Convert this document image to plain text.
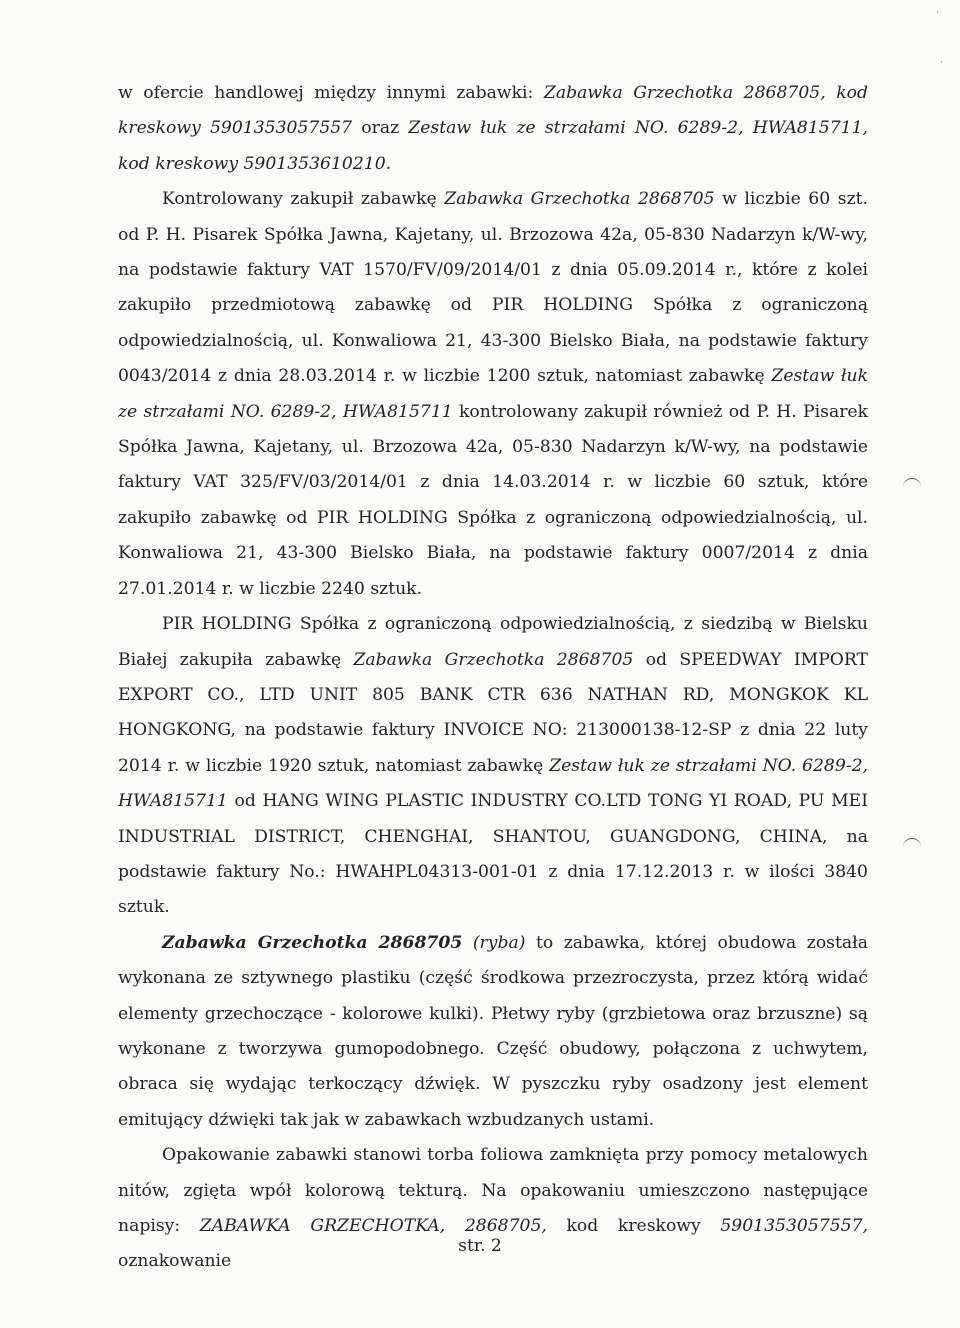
·
·

w ofercie handlowej między innymi zabawki: Zabawka Grzechotka 2868705, kod kreskowy 5901353057557 oraz Zestaw łuk ze strzałami NO. 6289-2, HWA815711, kod kreskowy 5901353610210.

Kontrolowany zakupił zabawkę Zabawka Grzechotka 2868705 w liczbie 60 szt. od P. H. Pisarek Spółka Jawna, Kajetany, ul. Brzozowa 42a, 05-830 Nadarzyn k/W-wy, na podstawie faktury VAT 1570/FV/09/2014/01 z dnia 05.09.2014 r., które z kolei zakupiło przedmiotową zabawkę od PIR HOLDING Spółka z ograniczoną odpowiedzialnością, ul. Konwaliowa 21, 43-300 Bielsko Biała, na podstawie faktury 0043/2014 z dnia 28.03.2014 r. w liczbie 1200 sztuk, natomiast zabawkę Zestaw łuk ze strzałami NO. 6289-2, HWA815711 kontrolowany zakupił również od P. H. Pisarek Spółka Jawna, Kajetany, ul. Brzozowa 42a, 05-830 Nadarzyn k/W-wy, na podstawie faktury VAT 325/FV/03/2014/01 z dnia 14.03.2014 r. w liczbie 60 sztuk, które zakupiło zabawkę od PIR HOLDING Spółka z ograniczoną odpowiedzialnością, ul. Konwaliowa 21, 43-300 Bielsko Biała, na podstawie faktury 0007/2014 z dnia 27.01.2014 r. w liczbie 2240 sztuk.

PIR HOLDING Spółka z ograniczoną odpowiedzialnością, z siedzibą w Bielsku Białej zakupiła zabawkę Zabawka Grzechotka 2868705 od SPEEDWAY IMPORT EXPORT CO., LTD UNIT 805 BANK CTR 636 NATHAN RD, MONGKOK KL HONGKONG, na podstawie faktury INVOICE NO: 213000138-12-SP z dnia 22 luty 2014 r. w liczbie 1920 sztuk, natomiast zabawkę Zestaw łuk ze strzałami NO. 6289-2, HWA815711 od HANG WING PLASTIC INDUSTRY CO.LTD TONG YI ROAD, PU MEI INDUSTRIAL DISTRICT, CHENGHAI, SHANTOU, GUANGDONG, CHINA, na podstawie faktury No.: HWAHPL04313-001-01 z dnia 17.12.2013 r. w ilości 3840 sztuk.

Zabawka Grzechotka 2868705 (ryba) to zabawka, której obudowa została wykonana ze sztywnego plastiku (część środkowa przezroczysta, przez którą widać elementy grzechoczące - kolorowe kulki). Płetwy ryby (grzbietowa oraz brzuszne) są wykonane z tworzywa gumopodobnego. Część obudowy, połączona z uchwytem, obraca się wydając terkoczący dźwięk. W pyszczku ryby osadzony jest element emitujący dźwięki tak jak w zabawkach wzbudzanych ustami.

Opakowanie zabawki stanowi torba foliowa zamknięta przy pomocy metalowych nitów, zgięta wpół kolorową tekturą. Na opakowaniu umieszczono następujące napisy: ZABAWKA GRZECHOTKA, 2868705, kod kreskowy 5901353057557, oznakowanie

str. 2
